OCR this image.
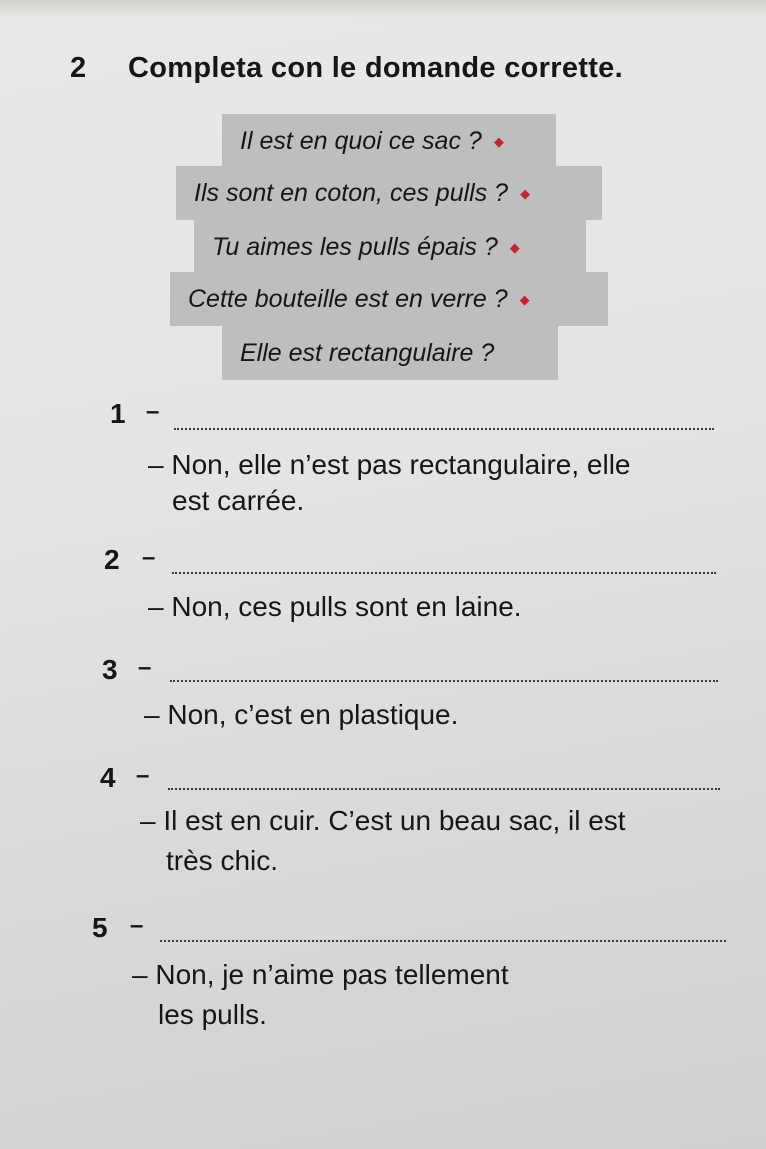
2 Completa con le domande corrette.
Il est en quoi ce sac ? ◆
Ils sont en coton, ces pulls ? ◆
Tu aimes les pulls épais ? ◆
Cette bouteille est en verre ? ◆
Elle est rectangulaire ?
1 –
– Non, elle n’est pas rectangulaire, elle
est carrée.
2 –
– Non, ces pulls sont en laine.
3 –
– Non, c’est en plastique.
4 –
– Il est en cuir. C’est un beau sac, il est
très chic.
5 –
– Non, je n’aime pas tellement
les pulls.
